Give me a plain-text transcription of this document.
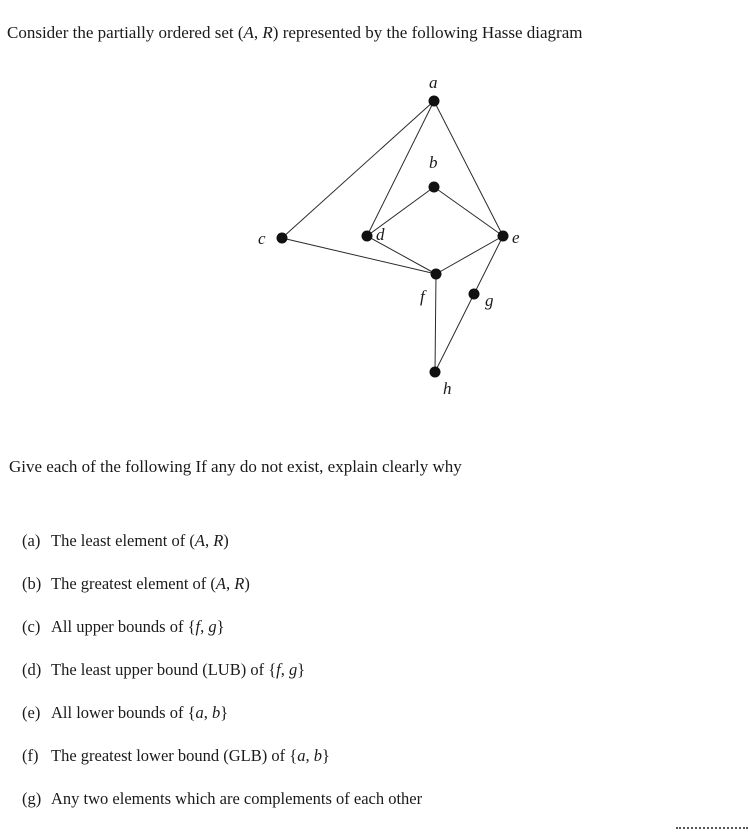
Consider the partially ordered set (A, R) represented by the following Hasse diagram
a
b
c	d	e
f	g
h
Give each of the following If any do not exist, explain clearly why
(a) The least element of (A, R)
(b) The greatest element of (A, R)
(c) All upper bounds of {f, g}
(d) The least upper bound (LUB) of {f, g}
(e) All lower bounds of {a, b}
(f) The greatest lower bound (GLB) of {a, b}
(g) Any two elements which are complements of each other
